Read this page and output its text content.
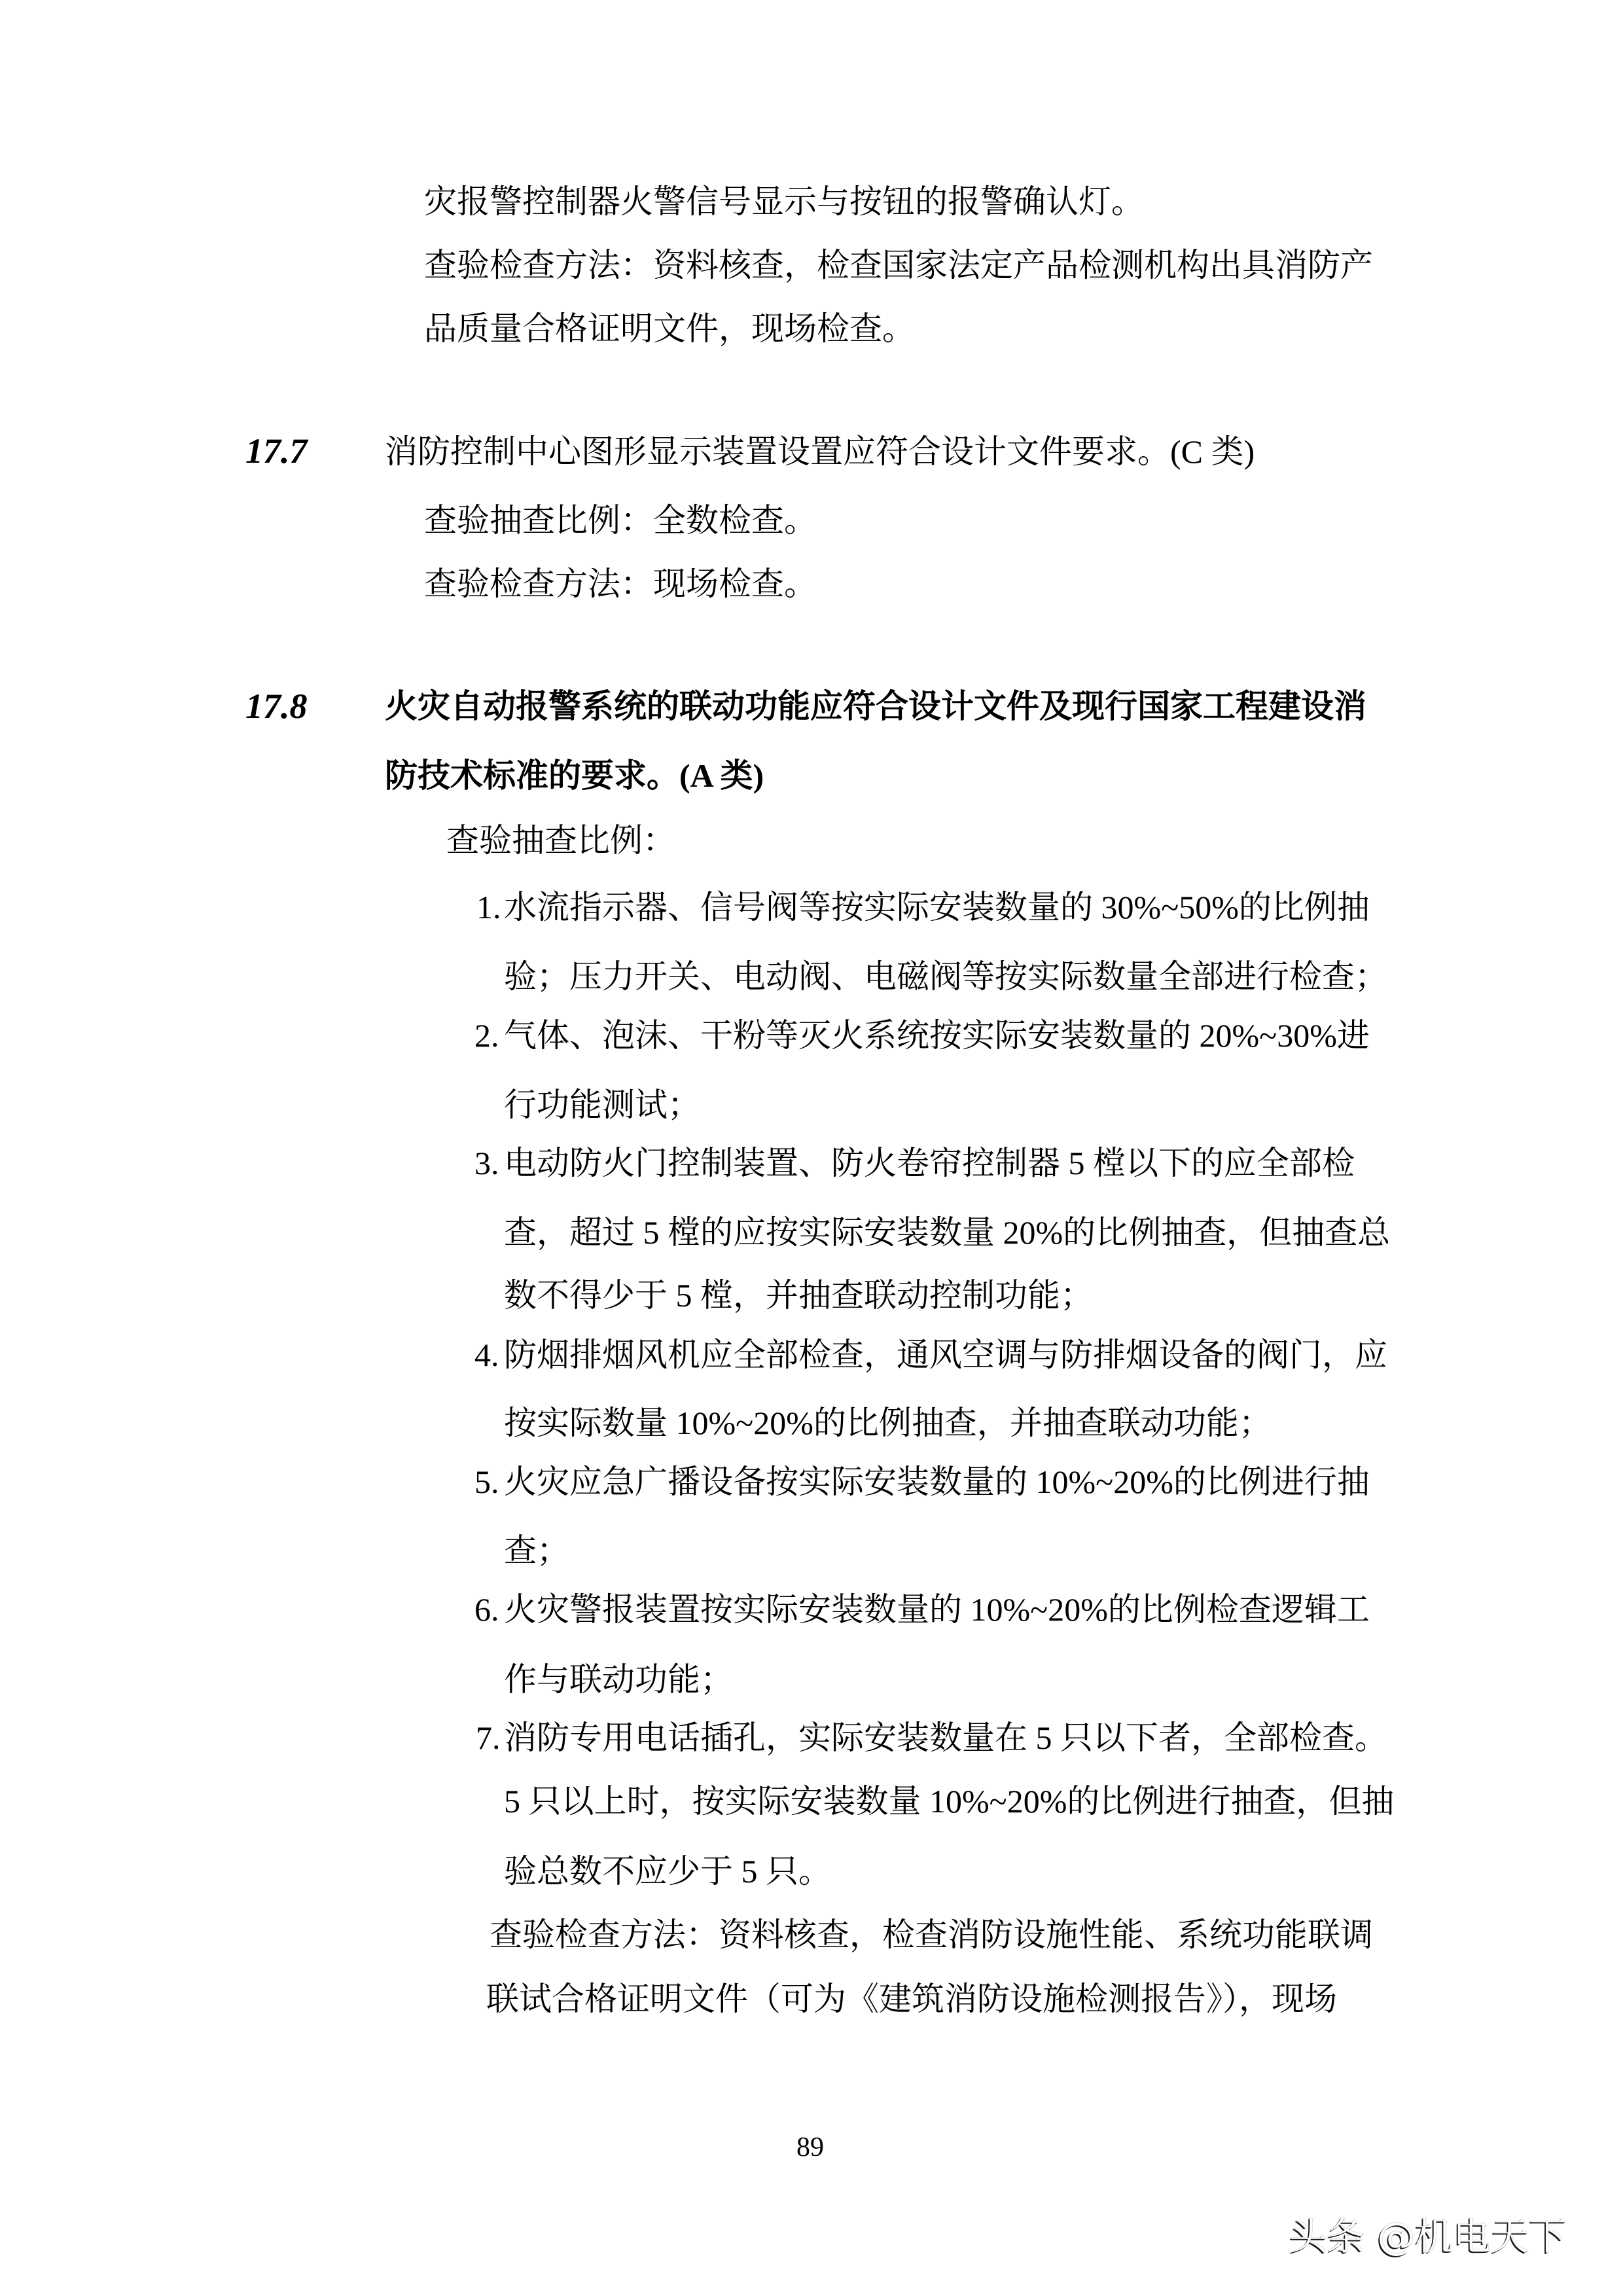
灾报警控制器火警信号显示与按钮的报警确认灯。
查验检查方法：资料核查，检查国家法定产品检测机构出具消防产
品质量合格证明文件，现场检查。
17.7 消防控制中心图形显示装置设置应符合设计文件要求。(C 类)
查验抽查比例：全数检查。
查验检查方法：现场检查。
17.8 火灾自动报警系统的联动功能应符合设计文件及现行国家工程建设消
防技术标准的要求。(A 类)
查验抽查比例：
1. 水流指示器、信号阀等按实际安装数量的 30%~50%的比例抽
验；压力开关、电动阀、电磁阀等按实际数量全部进行检查；
2. 气体、泡沫、干粉等灭火系统按实际安装数量的 20%~30%进
行功能测试；
3. 电动防火门控制装置、防火卷帘控制器 5 樘以下的应全部检
查，超过 5 樘的应按实际安装数量 20%的比例抽查，但抽查总
数不得少于 5 樘，并抽查联动控制功能；
4. 防烟排烟风机应全部检查，通风空调与防排烟设备的阀门，应
按实际数量 10%~20%的比例抽查，并抽查联动功能；
5. 火灾应急广播设备按实际安装数量的 10%~20%的比例进行抽
查；
6. 火灾警报装置按实际安装数量的 10%~20%的比例检查逻辑工
作与联动功能；
7. 消防专用电话插孔，实际安装数量在 5 只以下者，全部检查。
5 只以上时，按实际安装数量 10%~20%的比例进行抽查，但抽
验总数不应少于 5 只。
查验检查方法：资料核查，检查消防设施性能、系统功能联调
联试合格证明文件（可为《建筑消防设施检测报告》），现场
89
头条 @机电天下
